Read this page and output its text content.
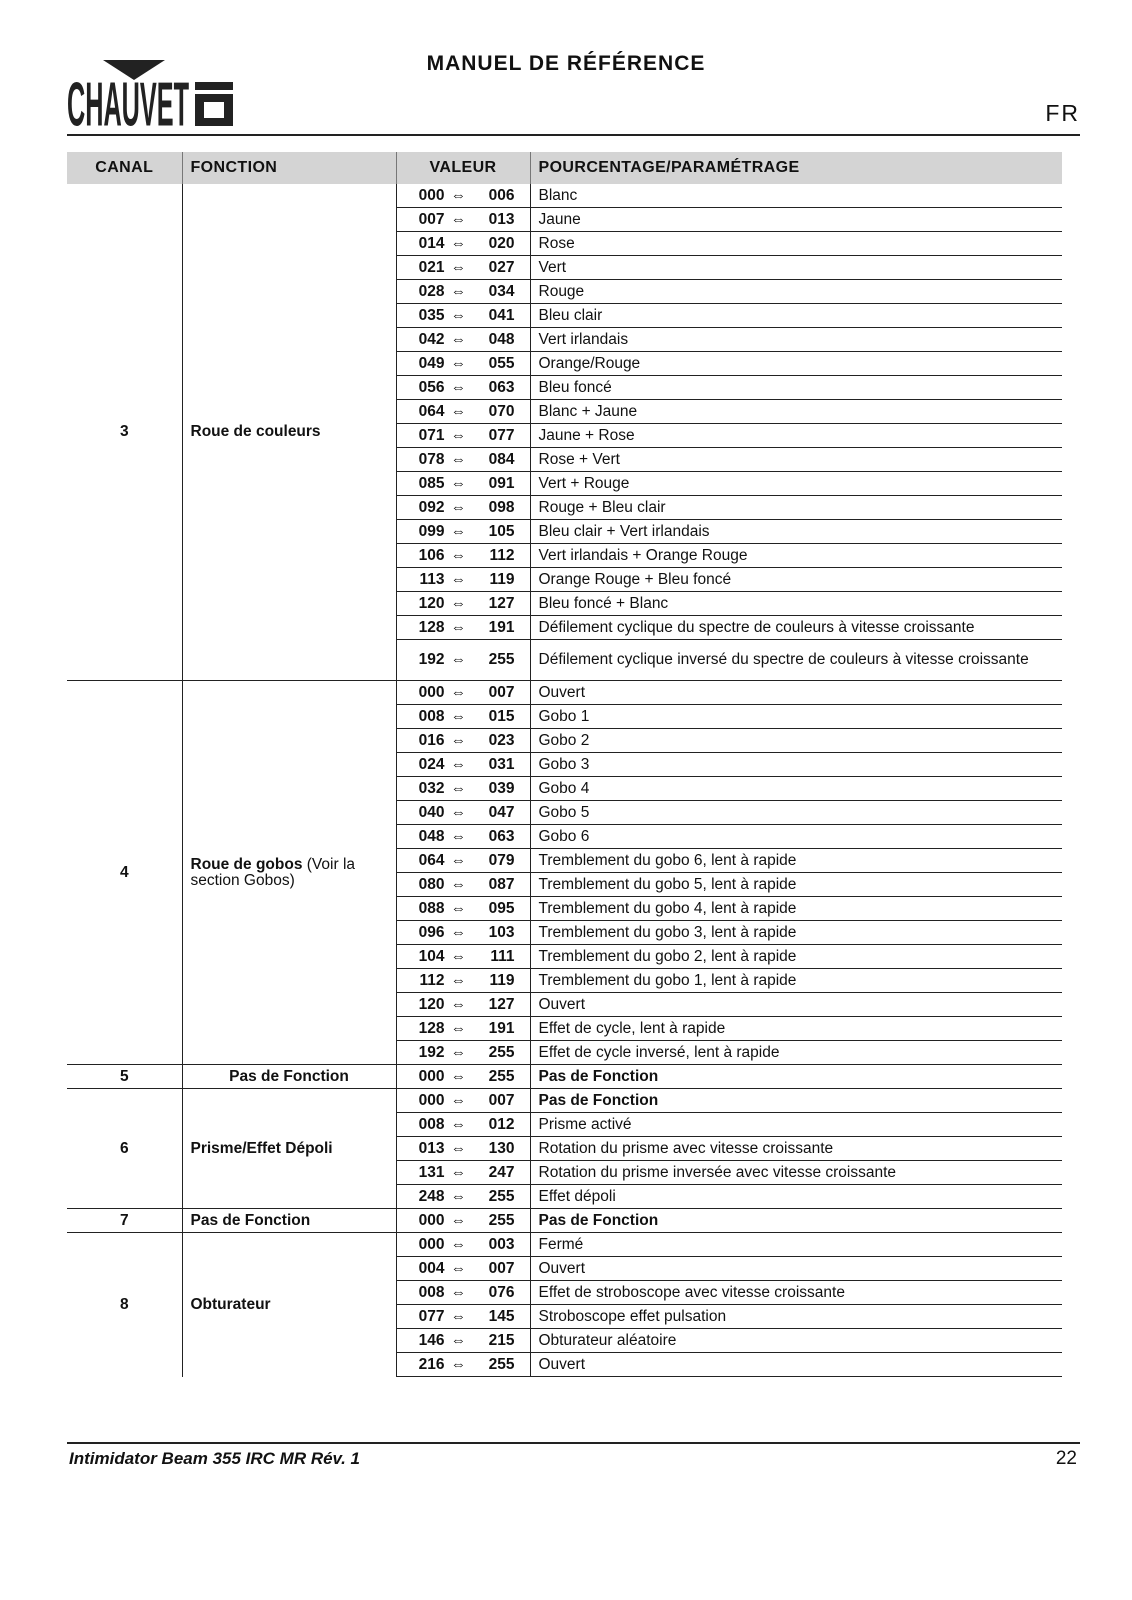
MANUEL DE RÉFÉRENCE
CHAUVET	FR
CANAL	FONCTION	VALEUR	POURCENTAGE/PARAMÉTRAGE
3	Roue de couleurs	000 ⇔ 006	Blanc
		007 ⇔ 013	Jaune
		014 ⇔ 020	Rose
		021 ⇔ 027	Vert
		028 ⇔ 034	Rouge
		035 ⇔ 041	Bleu clair
		042 ⇔ 048	Vert irlandais
		049 ⇔ 055	Orange/Rouge
		056 ⇔ 063	Bleu foncé
		064 ⇔ 070	Blanc + Jaune
		071 ⇔ 077	Jaune + Rose
		078 ⇔ 084	Rose + Vert
		085 ⇔ 091	Vert + Rouge
		092 ⇔ 098	Rouge + Bleu clair
		099 ⇔ 105	Bleu clair + Vert irlandais
		106 ⇔ 112	Vert irlandais + Orange Rouge
		113 ⇔ 119	Orange Rouge + Bleu foncé
		120 ⇔ 127	Bleu foncé + Blanc
		128 ⇔ 191	Défilement cyclique du spectre de couleurs à vitesse croissante
		192 ⇔ 255	Défilement cyclique inversé du spectre de couleurs à vitesse croissante
4	Roue de gobos (Voir la section Gobos)	000 ⇔ 007	Ouvert
		008 ⇔ 015	Gobo 1
		016 ⇔ 023	Gobo 2
		024 ⇔ 031	Gobo 3
		032 ⇔ 039	Gobo 4
		040 ⇔ 047	Gobo 5
		048 ⇔ 063	Gobo 6
		064 ⇔ 079	Tremblement du gobo 6, lent à rapide
		080 ⇔ 087	Tremblement du gobo 5, lent à rapide
		088 ⇔ 095	Tremblement du gobo 4, lent à rapide
		096 ⇔ 103	Tremblement du gobo 3, lent à rapide
		104 ⇔ 111	Tremblement du gobo 2, lent à rapide
		112 ⇔ 119	Tremblement du gobo 1, lent à rapide
		120 ⇔ 127	Ouvert
		128 ⇔ 191	Effet de cycle, lent à rapide
		192 ⇔ 255	Effet de cycle inversé, lent à rapide
5	Pas de Fonction	000 ⇔ 255	Pas de Fonction
6	Prisme/Effet Dépoli	000 ⇔ 007	Pas de Fonction
		008 ⇔ 012	Prisme activé
		013 ⇔ 130	Rotation du prisme avec vitesse croissante
		131 ⇔ 247	Rotation du prisme inversée avec vitesse croissante
		248 ⇔ 255	Effet dépoli
7	Pas de Fonction	000 ⇔ 255	Pas de Fonction
8	Obturateur	000 ⇔ 003	Fermé
		004 ⇔ 007	Ouvert
		008 ⇔ 076	Effet de stroboscope avec vitesse croissante
		077 ⇔ 145	Stroboscope effet pulsation
		146 ⇔ 215	Obturateur aléatoire
		216 ⇔ 255	Ouvert
Intimidator Beam 355 IRC MR Rév. 1	22
